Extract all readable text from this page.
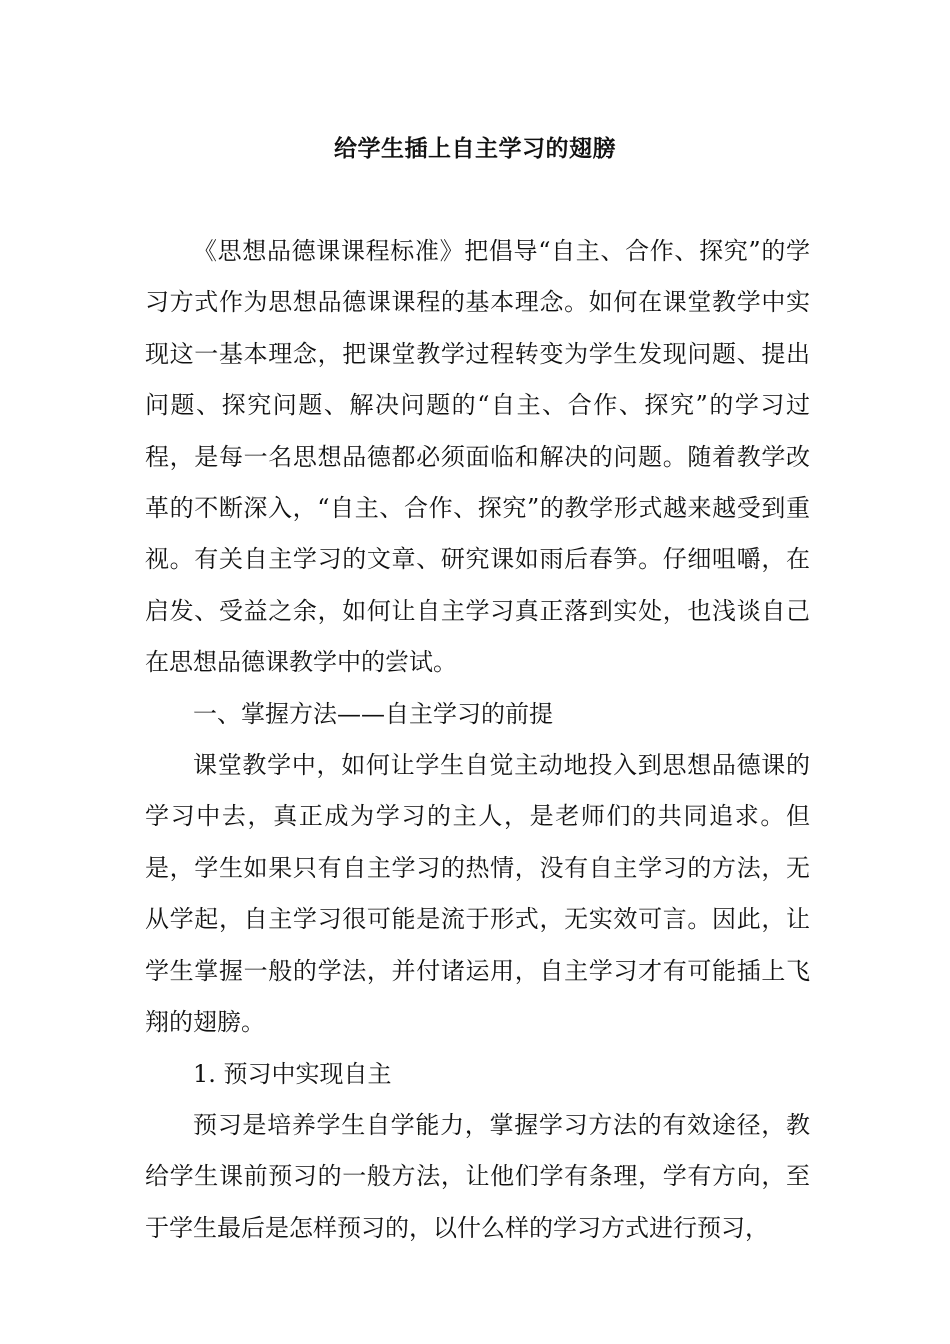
给学生插上自主学习的翅膀

《思想品德课课程标准》把倡导“自主、合作、探究”的学习方式作为思想品德课课程的基本理念。如何在课堂教学中实现这一基本理念，把课堂教学过程转变为学生发现问题、提出问题、探究问题、解决问题的“自主、合作、探究”的学习过程，是每一名思想品德都必须面临和解决的问题。随着教学改革的不断深入，“自主、合作、探究”的教学形式越来越受到重视。有关自主学习的文章、研究课如雨后春笋。仔细咀嚼，在启发、受益之余，如何让自主学习真正落到实处，也浅谈自己在思想品德课教学中的尝试。

一、掌握方法——自主学习的前提

课堂教学中，如何让学生自觉主动地投入到思想品德课的学习中去，真正成为学习的主人，是老师们的共同追求。但是，学生如果只有自主学习的热情，没有自主学习的方法，无从学起，自主学习很可能是流于形式，无实效可言。因此，让学生掌握一般的学法，并付诸运用，自主学习才有可能插上飞翔的翅膀。

1. 预习中实现自主

预习是培养学生自学能力，掌握学习方法的有效途径，教给学生课前预习的一般方法，让他们学有条理，学有方向，至于学生最后是怎样预习的，以什么样的学习方式进行预习，
